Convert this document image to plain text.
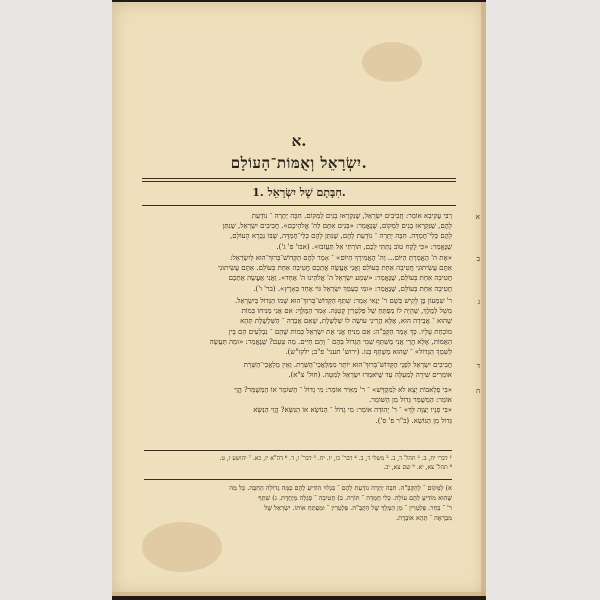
א.
יִשְׂרָאֵל וְאֻמּוֹת־הָעוֹלָם.
1. חִבָּתָם שֶׁל יִשְׂרָאֵל.
א
רַבִּי עֲקִיבָא אוֹמֵר: חֲבִיבִים יִשְׂרָאֵל, שֶׁנִּקְרְאוּ בָנִים לַמָּקוֹם. חִבָּה יְתֵרָה ־ נוֹדַעַת
לָהֶם, שֶׁנִּקְרְאוּ בָנִים לַמָּקוֹם, שֶׁנֶּאֱמַר: «בָּנִים אַתֶּם לַה' אֱלֹהֵיכֶם». חֲבִיבִים יִשְׂרָאֵל, שֶׁנִּתַּן
לָהֶם כְּלִי־חֶמְדָּה. חִבָּה יְתֵרָה ־ נוֹדַעַת לָהֶם, שֶׁנִּתַּן לָהֶם כְּלִי־חֶמְדָּה, שֶׁבּוֹ נִבְרָא הָעוֹלָם,
שֶׁנֶּאֱמַר: «כִּי לֶקַח טוֹב נָתַתִּי לָכֶם, תּוֹרָתִי אַל תַּעֲזֹבוּ». (אבו' פ' ג').
ב
«אֶת ה' הֶאֱמַרְתָּ הַיּוֹם... וַה' הֶאֱמִירְךָ הַיּוֹם» ־ אָמַר לָהֶם הַקָּדוֹשׁ־בָּרוּךְ־הוּא לְיִשְׂרָאֵל:
אַתֶּם עֲשִׂיתוּנִי חֲטִיבָה אַחַת בָּעוֹלָם וַאֲנִי אֶעֱשֶׂה אֶתְכֶם חֲטִיבָה אַחַת בָּעוֹלָם. אַתֶּם עֲשִׂיתוּנִי
חֲטִיבָה אַחַת בָּעוֹלָם, שֶׁנֶּאֱמַר: «שְׁמַע יִשְׂרָאֵל ה' אֱלֹהֵינוּ ה' אֶחָד». וַאֲנִי אֶעֱשֶׂה אֶתְכֶם
חֲטִיבָה אַחַת בָּעוֹלָם, שֶׁנֶּאֱמַר: «וּמִי כְעַמְּךָ יִשְׂרָאֵל גּוֹי אֶחָד בָּאָרֶץ». (בר' ו').
ג
ר' שִׁמְעוֹן בֶּן לָקִישׁ בְּשֵׁם ר' יַנַּאי אָמַר: שִׁתֵּף הַקָּדוֹשׁ־בָּרוּךְ־הוּא שְׁמוֹ הַגָּדוֹל בְּיִשְׂרָאֵל.
מָשָׁל לְמֶלֶךְ, שֶׁהָיָה לוֹ מַפְתֵּחַ שֶׁל פַּלְטֵרִין קְטַנָּה. אָמַר הַמֶּלֶךְ: אִם אֲנִי מַנִּיחוֹ כְּמוֹת
שֶׁהוּא ־ אֲבֵידָה הוּא, אֶלָּא הֲרֵינִי עוֹשֶׂה לוֹ שַׁלְשֶׁלֶת, שֶׁאִם אֲבֵדָה ־ הַשַּׁלְשֶׁלֶת תְּהֵא
מוֹכַחַת עָלָיו. כָּךְ אָמַר הַקָּבָּ"ה: אִם מַנִּיחַ אֲנִי אֶת יִשְׂרָאֵל כְּמוֹת שֶׁהֵם ־ נִבְלָעִים הֵם בֵּין
הָאֻמּוֹת, אֶלָּא הֲרֵי אֲנִי מְשַׁתֵּף שְׁמִי הַגָּדוֹל בָּהֶם ־ וְהֵם חַיִּים. מַה טַּעַם? שֶׁנֶּאֱמַר: «וּמַה תַּעֲשֶׂה
לְשִׁמְךָ הַגָּדוֹל» ־ שֶׁהוּא מְשֻׁתָּף בָּנוּ. (ירוש' תעני' פ"ב; ילקו"ש).
ד
חֲבִיבִים יִשְׂרָאֵל לִפְנֵי הַקָּדוֹשׁ־בָּרוּךְ־הוּא יוֹתֵר מִמַּלְאֲכֵי־הַשָּׁרֵת. וְאֵין מַלְאֲכֵי־הַשָּׁרֵת
אוֹמְרִים שִׁירָה לְמַעְלָה עַד שֶׁיֹּאמְרוּ יִשְׂרָאֵל לְמַטָּה. (חול' צ"א).
ה
«בִּי פְלָאבוֹת יָצָא לֹא לְמִקְדָּשׁ» ־ ר' מֵאִיר אוֹמֵר: מִי גָדוֹל ־ הַשּׁוֹמֵר אוֹ הַמְשֻׁמָּר? הֱוֵי
אוֹמֵר: הַמְשֻׁמָּר גָּדוֹל מִן הַשּׁוֹמֵר.
«בִּי פָנָיו יְצַוֶּה לָּךְ» ־ ר' יְהוּדָה אוֹמֵר: מִי גָדוֹל ־ הַנּוֹשֵׂא אוֹ הַנִּשָּׂא? הֱוֵי הַנִּשָּׂא
גָּדוֹל מִן הַנּוֹשֵׂא. (ב"ר פ' ס').
¹ דברי יח, ב. ² תהל' ד, ב. ³ משלי ד, ב. ⁴ דבר' כו, יז. יח. ⁵ דבר' ו, ד. ⁶ דה"א יז, כא. ⁷ יהושע ז, ט.
⁸ תהל' צא, יא. ⁹ שם צא, יב.
א) לַמָּקוֹם ־ לְהַקָּבָּ"ה. חִבָּה יְתֵרָה נוֹדַעַת לָהֶם ־ בִּגְלוּי הוֹדִיעַ לָהֶם כַּמָּה גְדוֹלָה הַחִבָּה. כָּל מַה
שֶּׁהוּא מוֹדִיעַ לָהֶם עוֹלָה. כְּלִי חֶמְדָּה ־ תּוֹרָה. ב) חֲטִיבָה ־ סְגֻלָּה מְיֻחֶדֶת. ג) שִׁתֵּף
ר' ־ בַּחַר. פַּלְטֵרִין ־ מִן הַמֶּלֶךְ שֶׁל הַקָּבָּ"ה. פַּלְטֵרִין ־ וּמַפְתֵּחַ אוֹתוֹ. יִשְׂרָאֵל שֶׁל
מִבְרְאָה ־ תְּהֵא אוֹבֶדֶת.
